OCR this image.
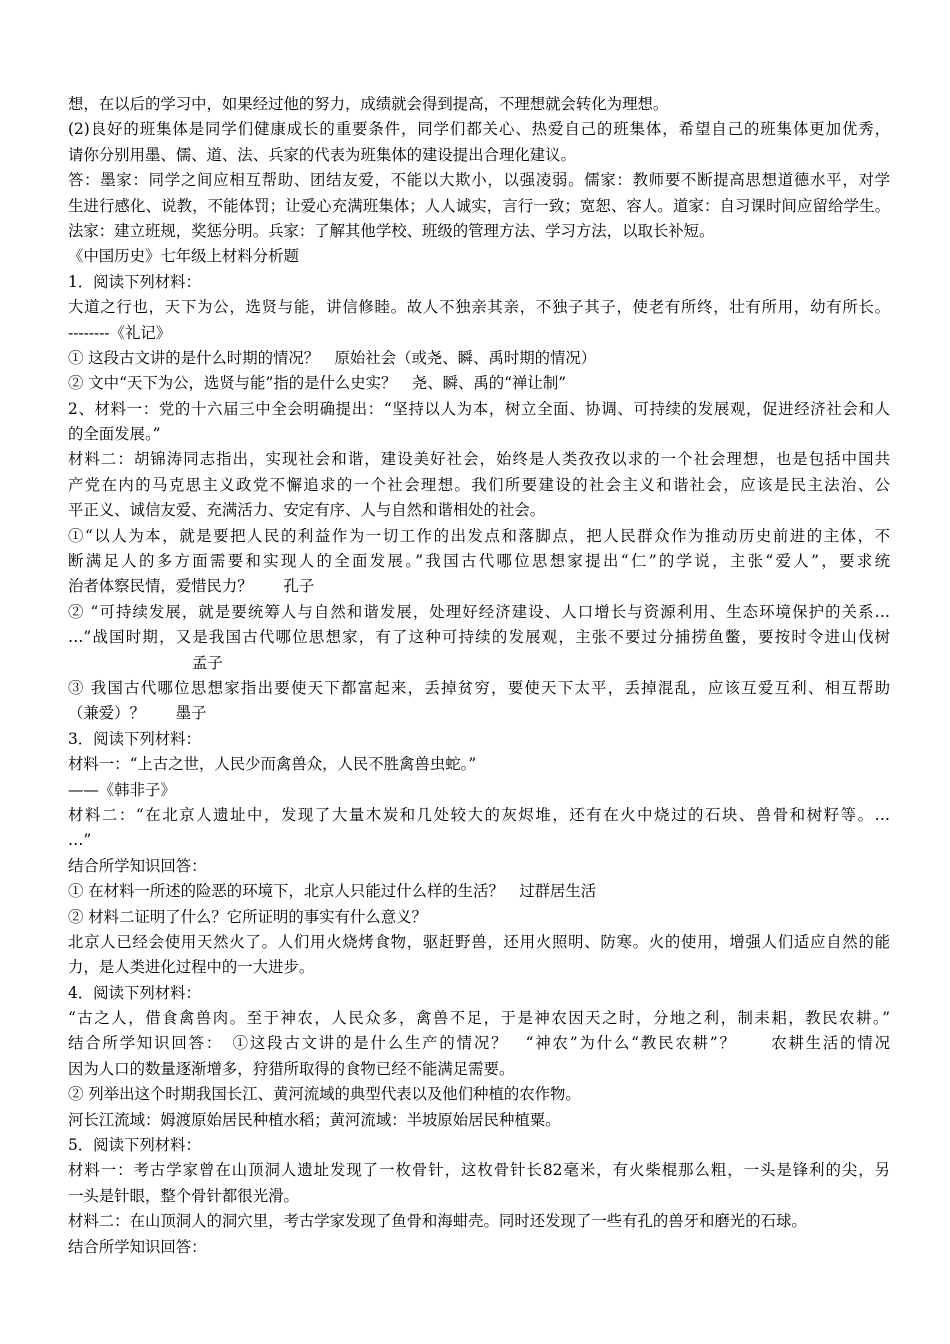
想，在以后的学习中，如果经过他的努力，成绩就会得到提高，不理想就会转化为理想。
(2)良好的班集体是同学们健康成长的重要条件，同学们都关心、热爱自己的班集体，希望自己的班集体更加优秀，
请你分别用墨、儒、道、法、兵家的代表为班集体的建设提出合理化建议。
答：墨家：同学之间应相互帮助、团结友爱，不能以大欺小，以强凌弱。儒家：教师要不断提高思想道德水平，对学
生进行感化、说教，不能体罚；让爱心充满班集体；人人诚实，言行一致；宽恕、容人。道家：自习课时间应留给学生。
法家：建立班规，奖惩分明。兵家：了解其他学校、班级的管理方法、学习方法，以取长补短。
《中国历史》七年级上材料分析题
1．阅读下列材料：
大道之行也，天下为公，选贤与能，讲信修睦。故人不独亲其亲，不独子其子，使老有所终，壮有所用，幼有所长。
--------《礼记》
① 这段古文讲的是什么时期的情况？　原始社会（或尧、瞬、禹时期的情况）
② 文中“天下为公，选贤与能”指的是什么史实？　尧、瞬、禹的“禅让制”
2、材料一：党的十六届三中全会明确提出：“坚持以人为本，树立全面、协调、可持续的发展观，促进经济社会和人
的全面发展。”
材料二：胡锦涛同志指出，实现社会和谐，建设美好社会，始终是人类孜孜以求的一个社会理想，也是包括中国共
产党在内的马克思主义政党不懈追求的一个社会理想。我们所要建设的社会主义和谐社会，应该是民主法治、公
平正义、诚信友爱、充满活力、安定有序、人与自然和谐相处的社会。
①“以人为本，就是要把人民的利益作为一切工作的出发点和落脚点，把人民群众作为推动历史前进的主体，不
断满足人的多方面需要和实现人的全面发展。”我国古代哪位思想家提出“仁”的学说，主张“爱人”，要求统
治者体察民情，爱惜民力？　　孔子
② “可持续发展，就是要统筹人与自然和谐发展，处理好经济建设、人口增长与资源利用、生态环境保护的关系…
…”战国时期，又是我国古代哪位思想家，有了这种可持续的发展观，主张不要过分捕捞鱼鳖，要按时令进山伐树
孟子
③ 我国古代哪位思想家指出要使天下都富起来，丢掉贫穷，要使天下太平，丢掉混乱，应该互爱互利、相互帮助
（兼爱）？　　墨子
3．阅读下列材料：
材料一：“上古之世，人民少而禽兽众，人民不胜禽兽虫蛇。”
——《韩非子》
材料二：“在北京人遗址中，发现了大量木炭和几处较大的灰烬堆，还有在火中烧过的石块、兽骨和树籽等。…
…”
结合所学知识回答：
① 在材料一所述的险恶的环境下，北京人只能过什么样的生活？　过群居生活
② 材料二证明了什么？它所证明的事实有什么意义？
北京人已经会使用天然火了。人们用火烧烤食物，驱赶野兽，还用火照明、防寒。火的使用，增强人们适应自然的能
力，是人类进化过程中的一大进步。
4．阅读下列材料：
“古之人，借食禽兽肉。至于神农，人民众多，禽兽不足，于是神农因天之时，分地之利，制耒耜，教民农耕。”
结合所学知识回答：　①这段古文讲的是什么生产的情况？　“神农”为什么“教民农耕”？　　农耕生活的情况
因为人口的数量逐渐增多，狩猎所取得的食物已经不能满足需要。
② 列举出这个时期我国长江、黄河流域的典型代表以及他们种植的农作物。
河长江流域：姆渡原始居民种植水稻；黄河流域：半坡原始居民种植粟。
5．阅读下列材料：
材料一：考古学家曾在山顶洞人遗址发现了一枚骨针，这枚骨针长82毫米，有火柴棍那么粗，一头是锋利的尖，另
一头是针眼，整个骨针都很光滑。
材料二：在山顶洞人的洞穴里，考古学家发现了鱼骨和海蚶壳。同时还发现了一些有孔的兽牙和磨光的石球。
结合所学知识回答：
